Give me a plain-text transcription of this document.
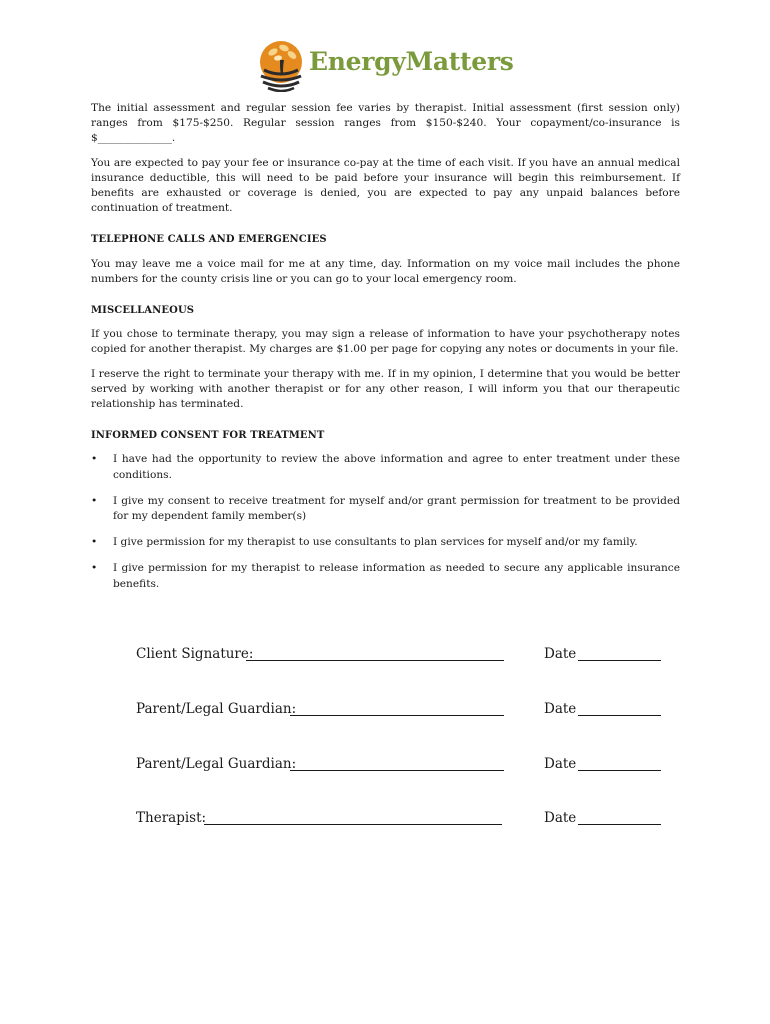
EnergyMatters

The initial assessment and regular session fee varies by therapist. Initial assessment (first session only) ranges from $175-$250. Regular session ranges from $150-$240. Your copayment/co-insurance is $______________.

You are expected to pay your fee or insurance co-pay at the time of each visit. If you have an annual medical insurance deductible, this will need to be paid before your insurance will begin this reimbursement. If benefits are exhausted or coverage is denied, you are expected to pay any unpaid balances before continuation of treatment.

TELEPHONE CALLS AND EMERGENCIES

You may leave me a voice mail for me at any time, day. Information on my voice mail includes the phone numbers for the county crisis line or you can go to your local emergency room.

MISCELLANEOUS

If you chose to terminate therapy, you may sign a release of information to have your psychotherapy notes copied for another therapist. My charges are $1.00 per page for copying any notes or documents in your file.

I reserve the right to terminate your therapy with me. If in my opinion, I determine that you would be better served by working with another therapist or for any other reason, I will inform you that our therapeutic relationship has terminated.

INFORMED CONSENT FOR TREATMENT
• I have had the opportunity to review the above information and agree to enter treatment under these conditions.
• I give my consent to receive treatment for myself and/or grant permission for treatment to be provided for my dependent family member(s)
• I give permission for my therapist to use consultants to plan services for myself and/or my family.
• I give permission for my therapist to release information as needed to secure any applicable insurance benefits.
Client Signature:	Date
Parent/Legal Guardian:	Date
Parent/Legal Guardian:	Date
Therapist:	Date
